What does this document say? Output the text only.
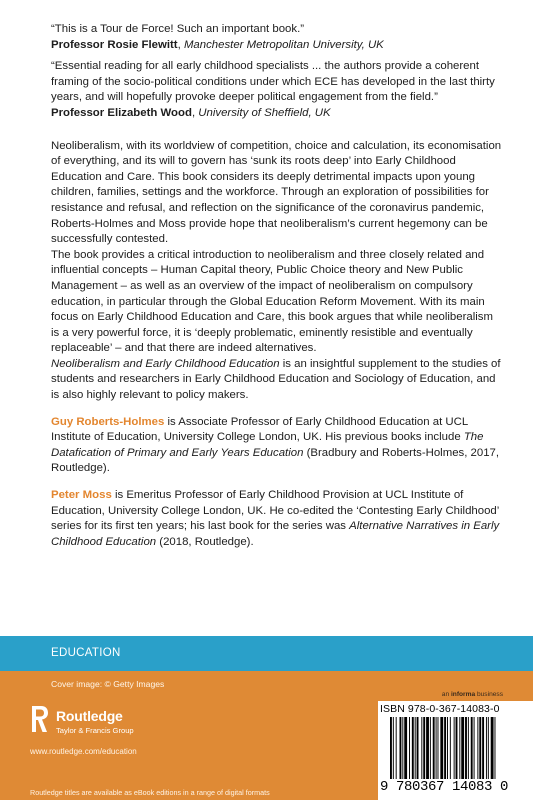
“This is a Tour de Force! Such an important book.”

Professor Rosie Flewitt, Manchester Metropolitan University, UK

“Essential reading for all early childhood specialists ... the authors provide a coherent framing of the socio-political conditions under which ECE has developed in the last thirty years, and will hopefully provoke deeper political engagement from the field.”

Professor Elizabeth Wood, University of Sheffield, UK

Neoliberalism, with its worldview of competition, choice and calculation, its economisation of everything, and its will to govern has ‘sunk its roots deep’ into Early Childhood Education and Care. This book considers its deeply detrimental impacts upon young children, families, settings and the workforce. Through an exploration of possibilities for resistance and refusal, and reflection on the significance of the coronavirus pandemic, Roberts-Holmes and Moss provide hope that neoliberalism’s current hegemony can be successfully contested.

The book provides a critical introduction to neoliberalism and three closely related and influential concepts – Human Capital theory, Public Choice theory and New Public Management – as well as an overview of the impact of neoliberalism on compulsory education, in particular through the Global Education Reform Movement. With its main focus on Early Childhood Education and Care, this book argues that while neoliberalism is a very powerful force, it is ‘deeply problematic, eminently resistible and eventually replaceable’ – and that there are indeed alternatives.

Neoliberalism and Early Childhood Education is an insightful supplement to the studies of students and researchers in Early Childhood Education and Sociology of Education, and is also highly relevant to policy makers.

Guy Roberts-Holmes is Associate Professor of Early Childhood Education at UCL Institute of Education, University College London, UK. His previous books include The Datafication of Primary and Early Years Education (Bradbury and Roberts-Holmes, 2017, Routledge).

Peter Moss is Emeritus Professor of Early Childhood Provision at UCL Institute of Education, University College London, UK. He co-edited the ‘Contesting Early Childhood’ series for its first ten years; his last book for the series was Alternative Narratives in Early Childhood Education (2018, Routledge).

EDUCATION
Cover image: © Getty Images
an informa business
Routledge
Taylor & Francis Group
www.routledge.com/education
Routledge titles are available as eBook editions in a range of digital formats
ISBN 978-0-367-14083-0
9 780367 14083 0
